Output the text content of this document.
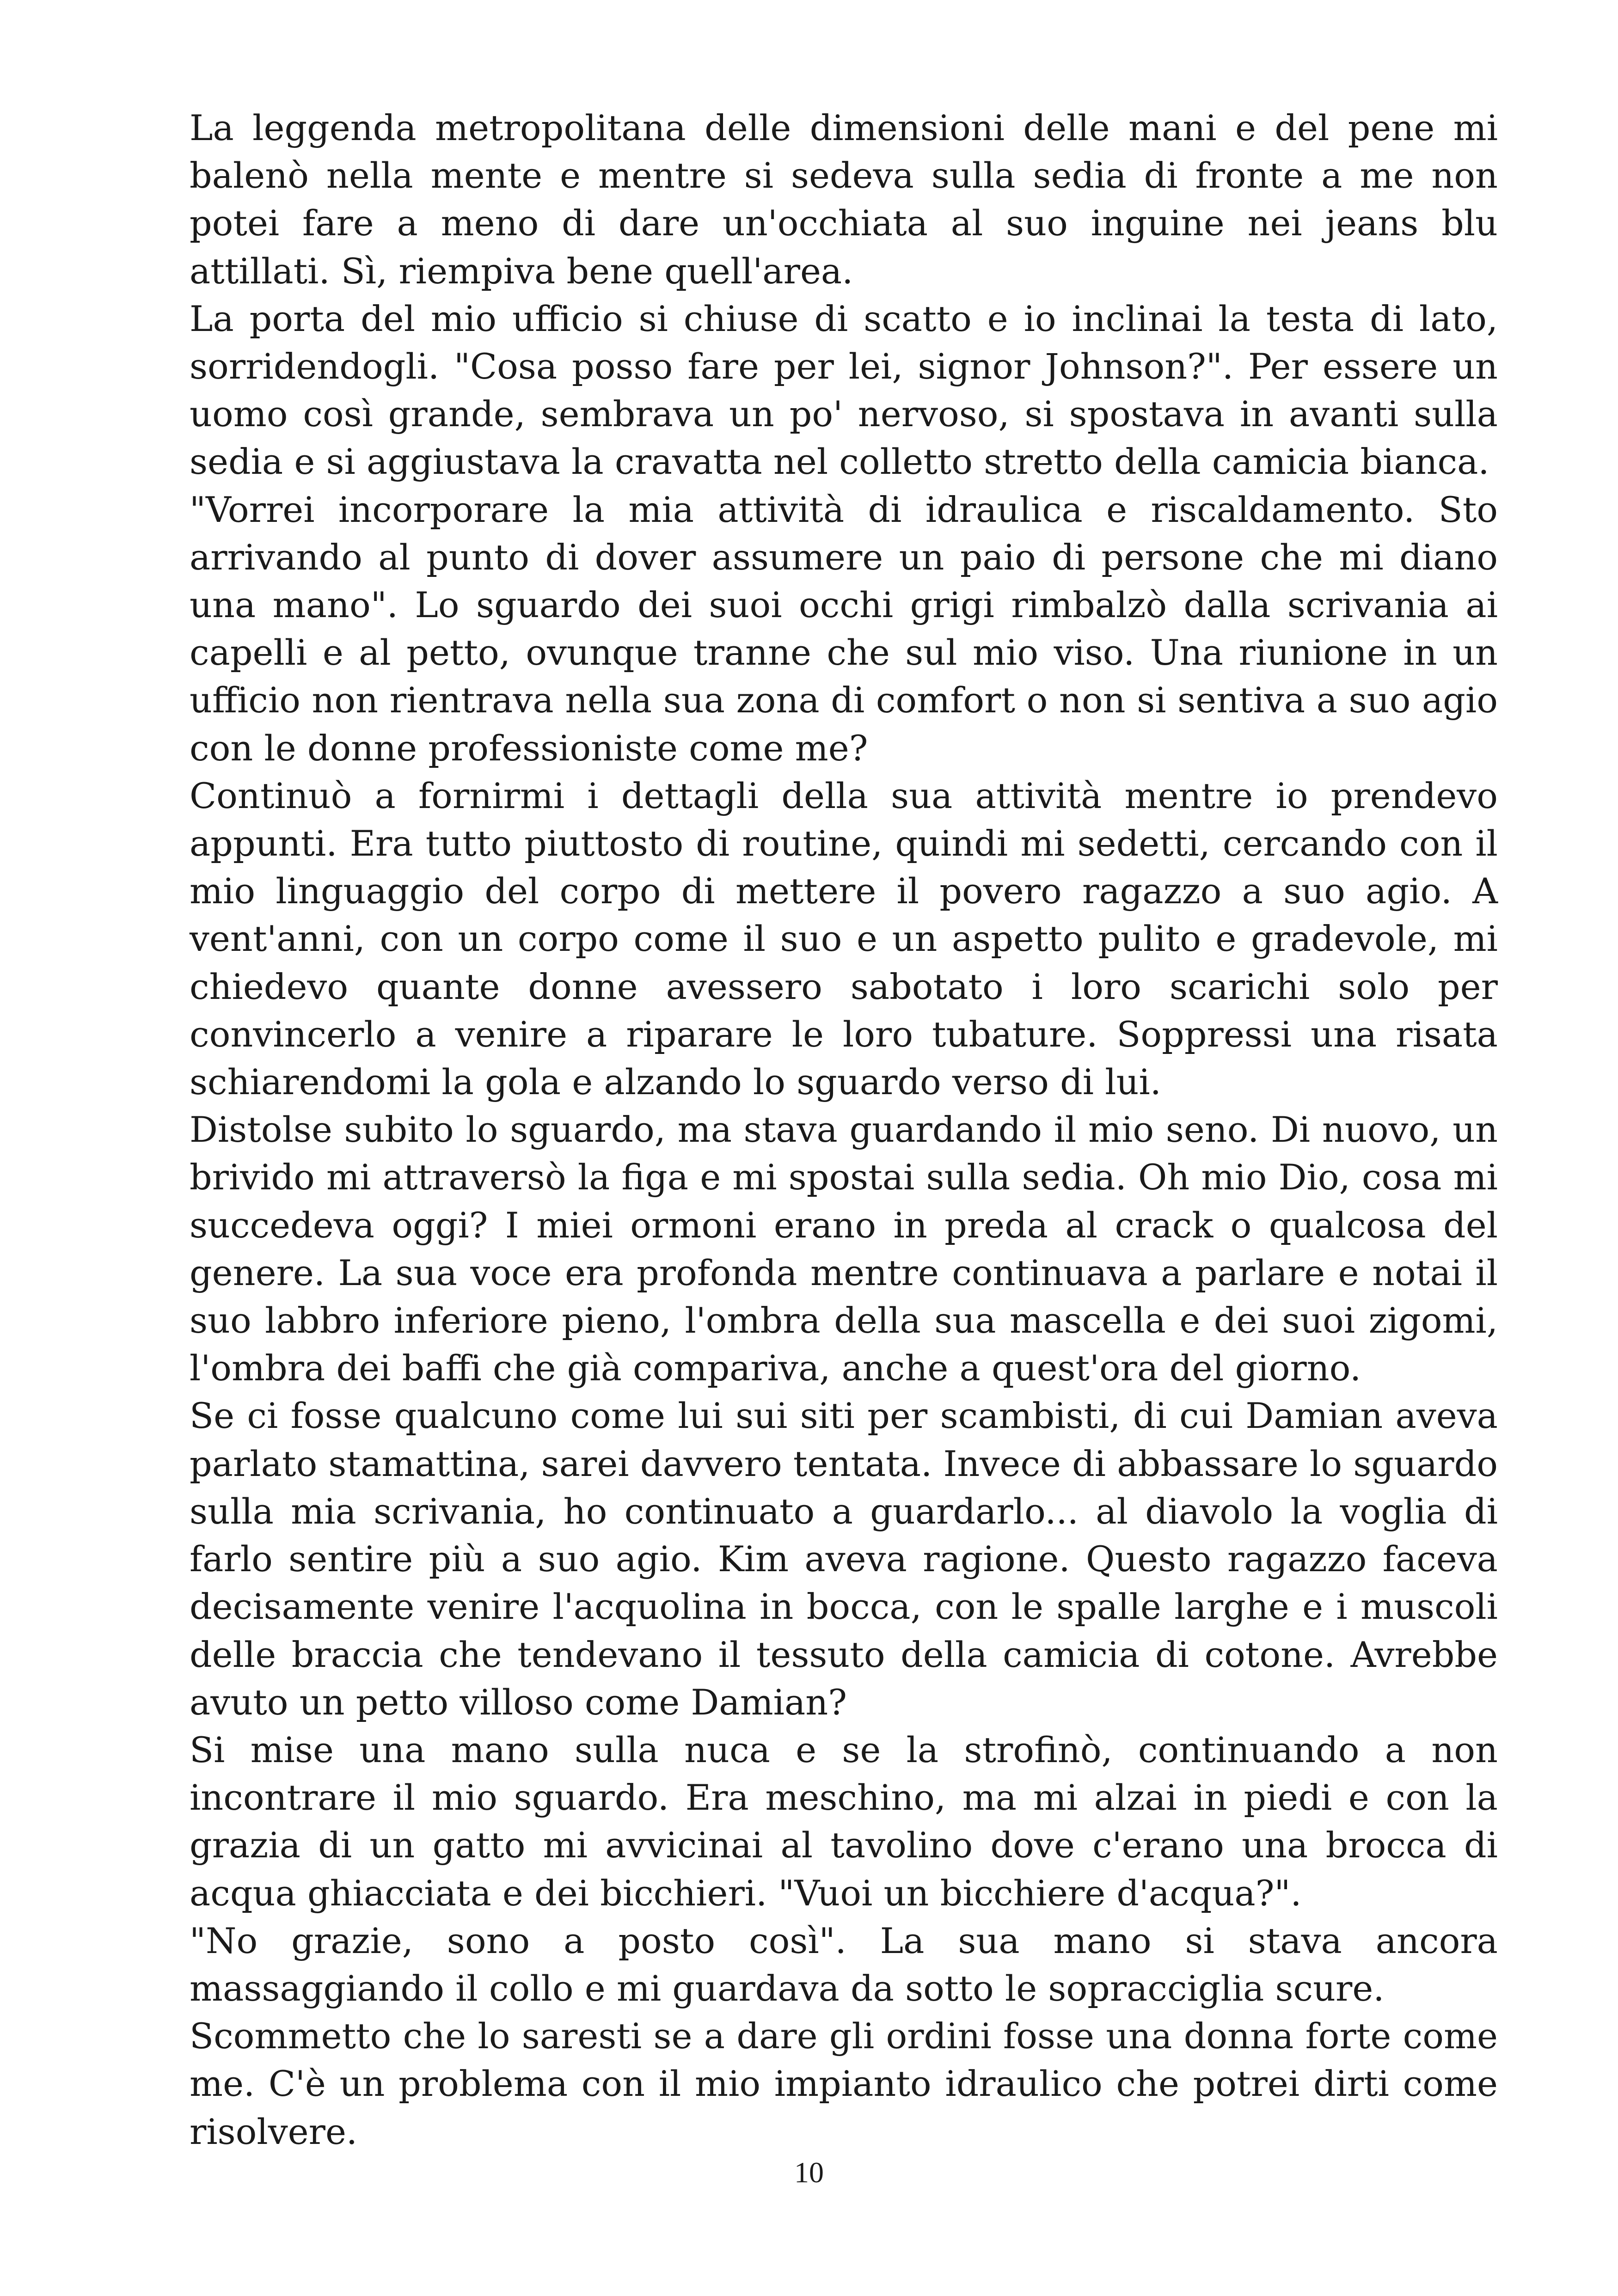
La leggenda metropolitana delle dimensioni delle mani e del pene mi balenò nella mente e mentre si sedeva sulla sedia di fronte a me non potei fare a meno di dare un'occhiata al suo inguine nei jeans blu attillati. Sì, riempiva bene quell'area.

La porta del mio ufficio si chiuse di scatto e io inclinai la testa di lato, sorridendogli. "Cosa posso fare per lei, signor Johnson?". Per essere un uomo così grande, sembrava un po' nervoso, si spostava in avanti sulla sedia e si aggiustava la cravatta nel colletto stretto della camicia bianca.

"Vorrei incorporare la mia attività di idraulica e riscaldamento. Sto arrivando al punto di dover assumere un paio di persone che mi diano una mano". Lo sguardo dei suoi occhi grigi rimbalzò dalla scrivania ai capelli e al petto, ovunque tranne che sul mio viso. Una riunione in un ufficio non rientrava nella sua zona di comfort o non si sentiva a suo agio con le donne professioniste come me?

Continuò a fornirmi i dettagli della sua attività mentre io prendevo appunti. Era tutto piuttosto di routine, quindi mi sedetti, cercando con il mio linguaggio del corpo di mettere il povero ragazzo a suo agio. A vent'anni, con un corpo come il suo e un aspetto pulito e gradevole, mi chiedevo quante donne avessero sabotato i loro scarichi solo per convincerlo a venire a riparare le loro tubature. Soppressi una risata schiarendomi la gola e alzando lo sguardo verso di lui.

Distolse subito lo sguardo, ma stava guardando il mio seno. Di nuovo, un brivido mi attraversò la figa e mi spostai sulla sedia. Oh mio Dio, cosa mi succedeva oggi? I miei ormoni erano in preda al crack o qualcosa del genere. La sua voce era profonda mentre continuava a parlare e notai il suo labbro inferiore pieno, l'ombra della sua mascella e dei suoi zigomi, l'ombra dei baffi che già compariva, anche a quest'ora del giorno.

Se ci fosse qualcuno come lui sui siti per scambisti, di cui Damian aveva parlato stamattina, sarei davvero tentata. Invece di abbassare lo sguardo sulla mia scrivania, ho continuato a guardarlo... al diavolo la voglia di farlo sentire più a suo agio. Kim aveva ragione. Questo ragazzo faceva decisamente venire l'acquolina in bocca, con le spalle larghe e i muscoli delle braccia che tendevano il tessuto della camicia di cotone. Avrebbe avuto un petto villoso come Damian?

Si mise una mano sulla nuca e se la strofinò, continuando a non incontrare il mio sguardo. Era meschino, ma mi alzai in piedi e con la grazia di un gatto mi avvicinai al tavolino dove c'erano una brocca di acqua ghiacciata e dei bicchieri. "Vuoi un bicchiere d'acqua?".

"No grazie, sono a posto così". La sua mano si stava ancora massaggiando il collo e mi guardava da sotto le sopracciglia scure.

Scommetto che lo saresti se a dare gli ordini fosse una donna forte come me. C'è un problema con il mio impianto idraulico che potrei dirti come risolvere.

10
